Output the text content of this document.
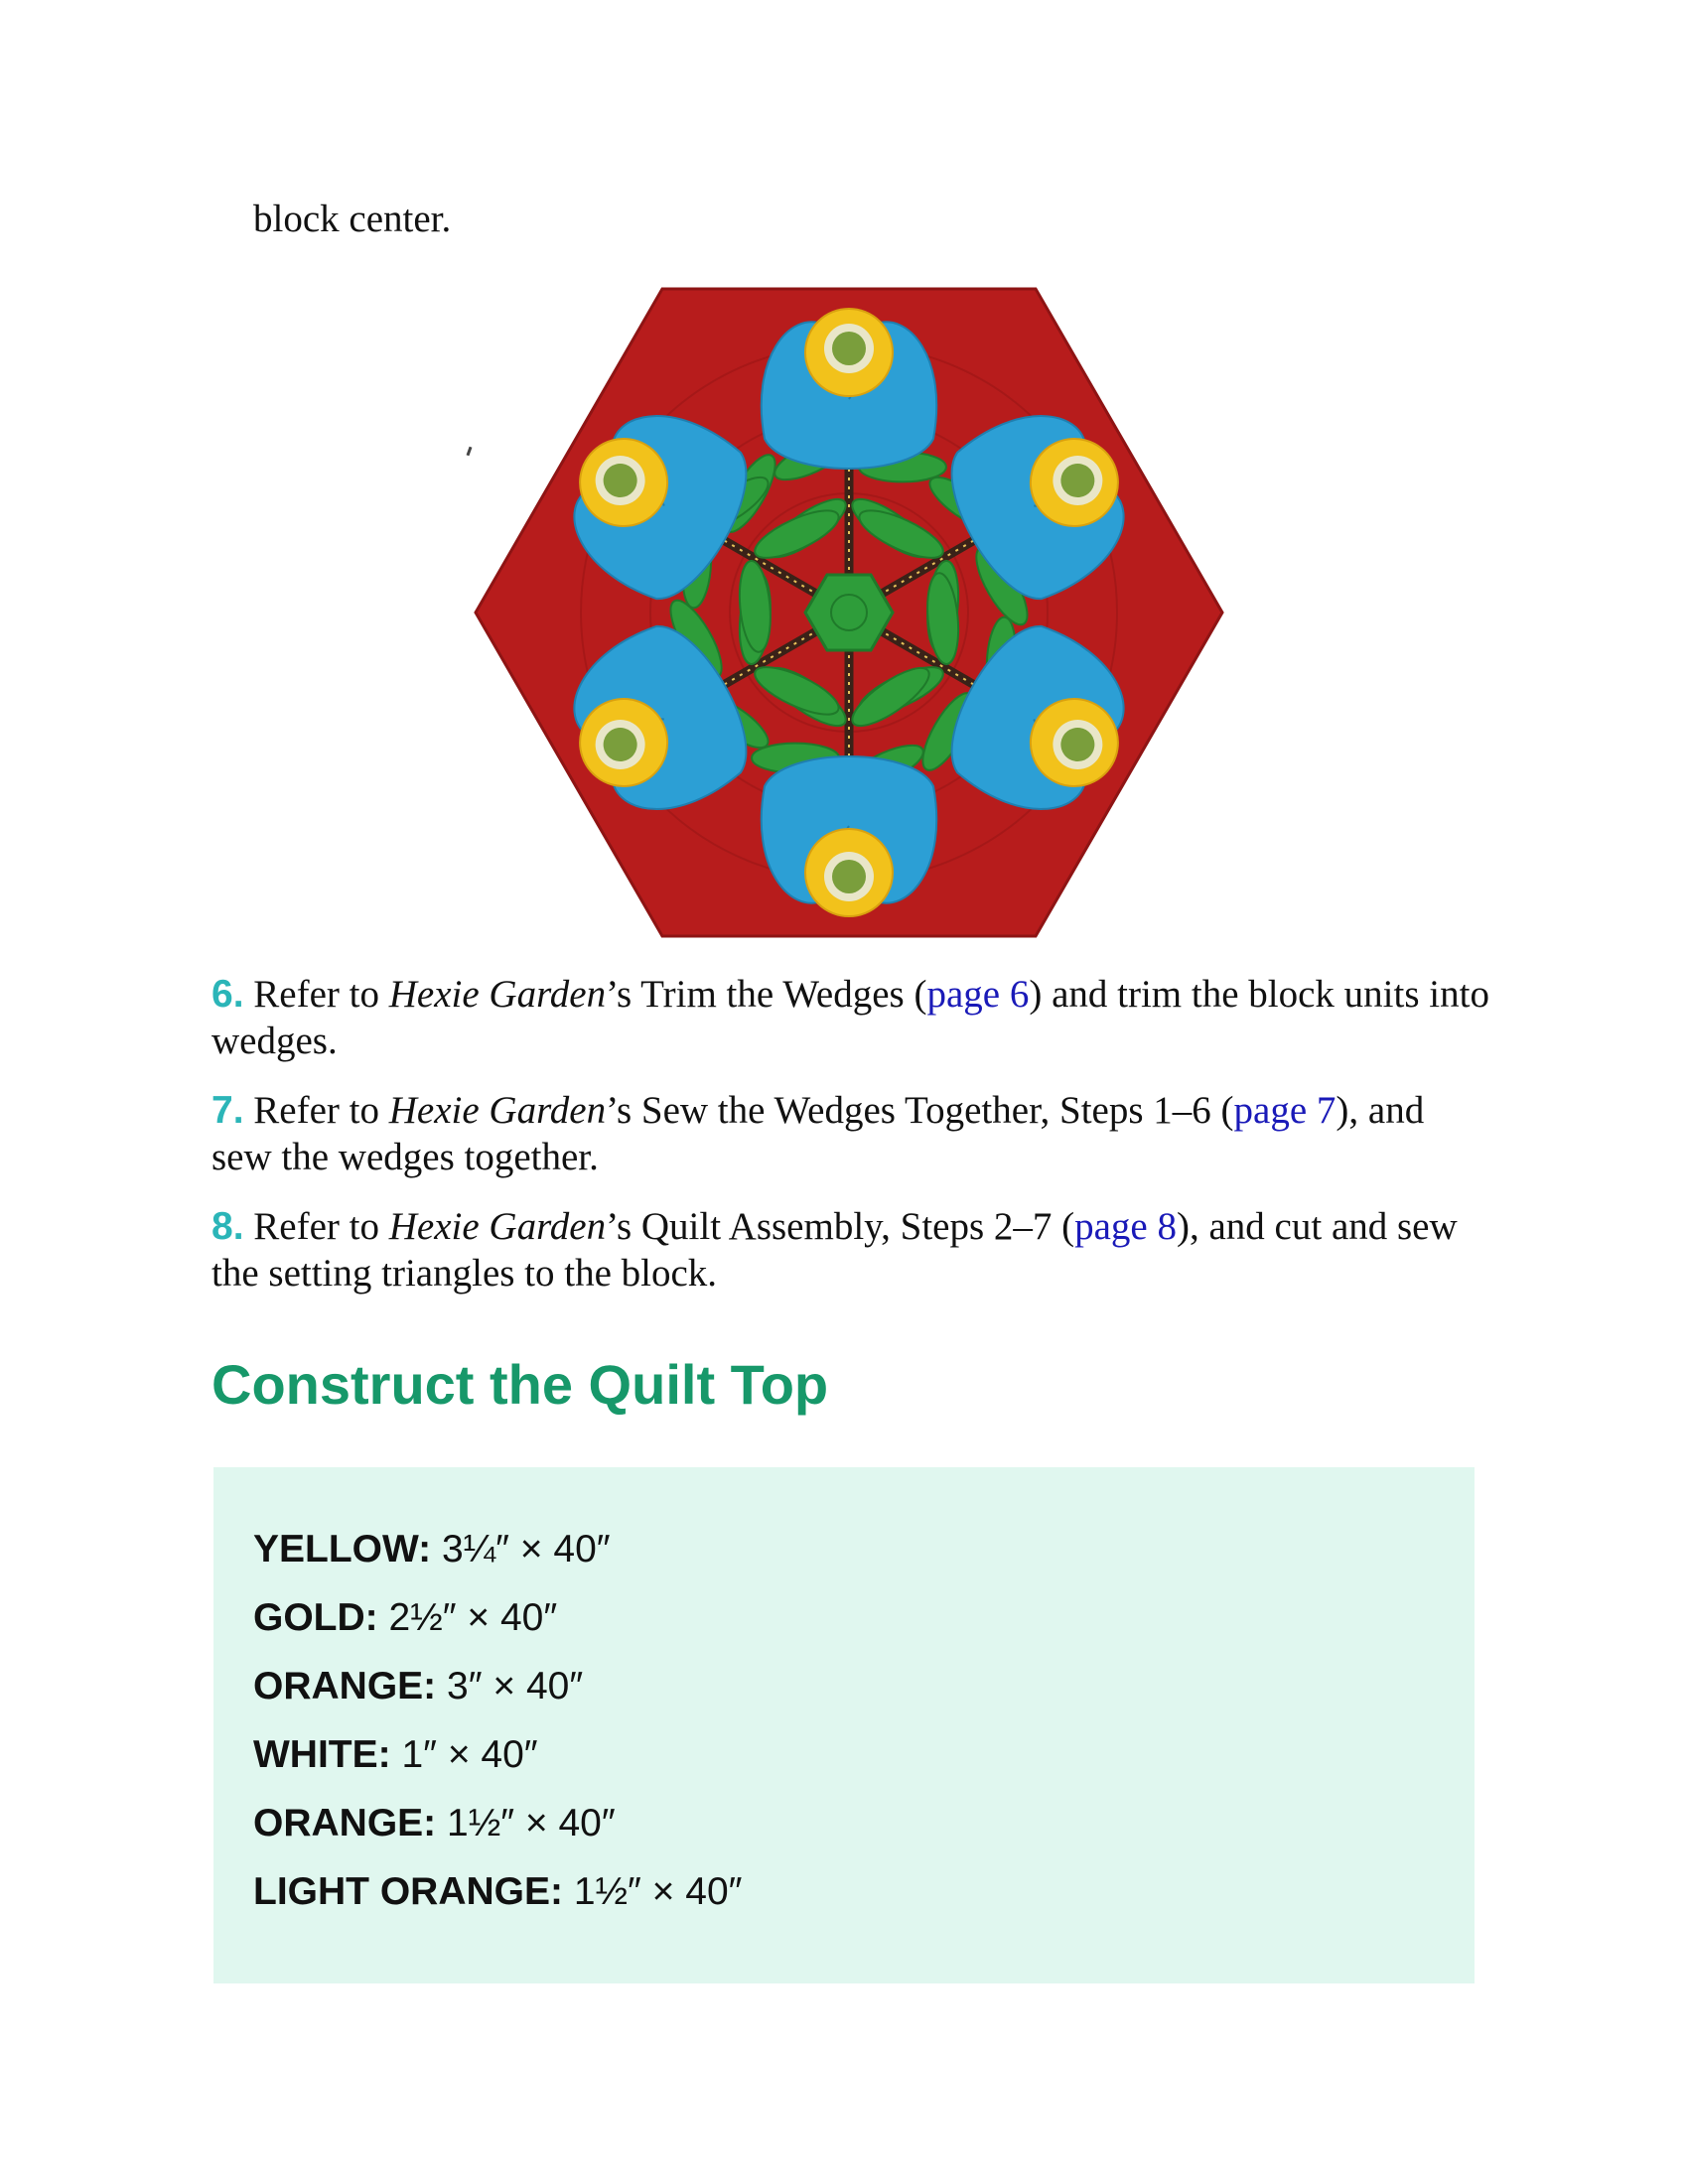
block center.
6. Refer to Hexie Garden’s Trim the Wedges (page 6) and trim the block units into wedges.
7. Refer to Hexie Garden’s Sew the Wedges Together, Steps 1–6 (page 7), and sew the wedges together.
8. Refer to Hexie Garden’s Quilt Assembly, Steps 2–7 (page 8), and cut and sew the setting triangles to the block.
Construct the Quilt Top
YELLOW: 3¼″ × 40″
GOLD: 2½″ × 40″
ORANGE: 3″ × 40″
WHITE: 1″ × 40″
ORANGE: 1½″ × 40″
LIGHT ORANGE: 1½″ × 40″
